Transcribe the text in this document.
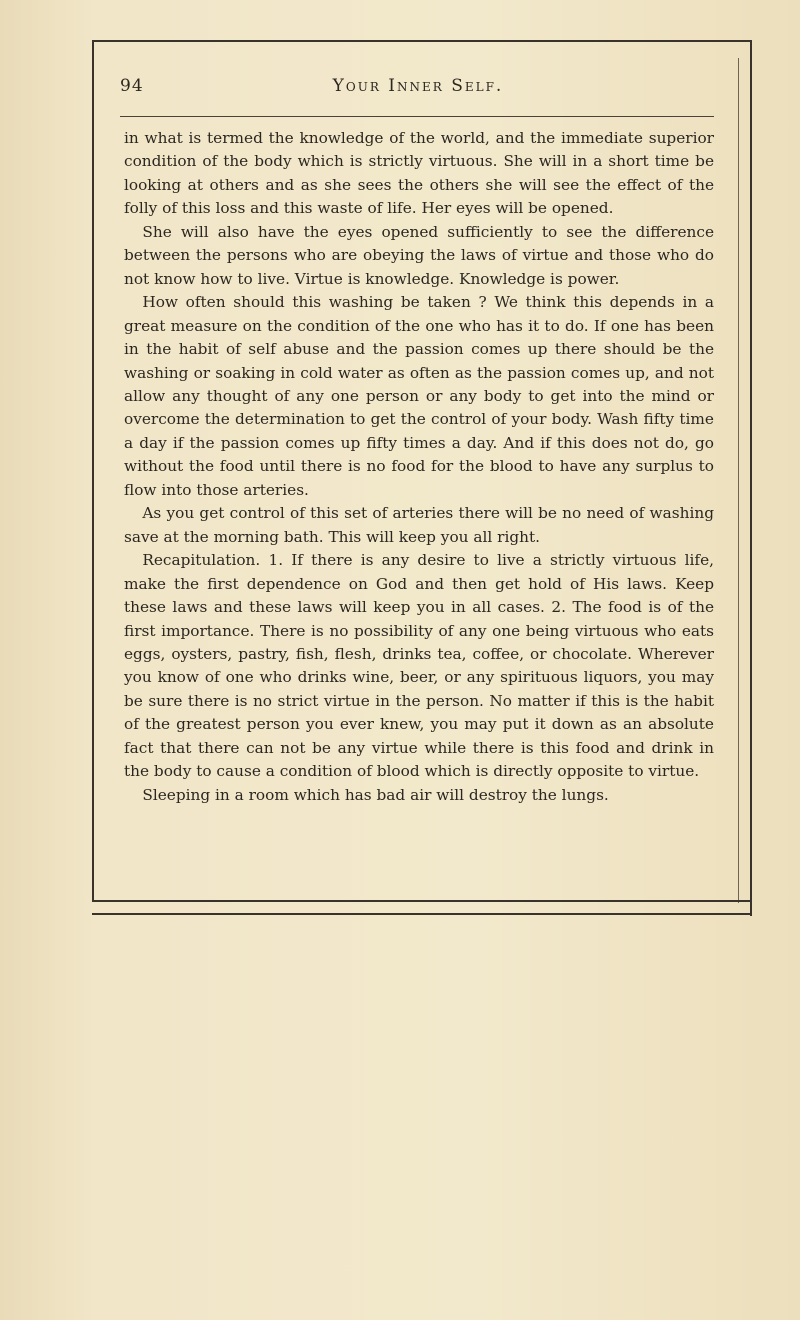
94	Your Inner Self.

in what is termed the knowledge of the world, and the immediate superior condition of the body which is strictly virtuous. She will in a short time be looking at others and as she sees the others she will see the effect of the folly of this loss and this waste of life. Her eyes will be opened.

She will also have the eyes opened sufficiently to see the difference between the persons who are obeying the laws of virtue and those who do not know how to live. Virtue is knowledge. Knowledge is power.

How often should this washing be taken ? We think this depends in a great measure on the condition of the one who has it to do. If one has been in the habit of self abuse and the passion comes up there should be the washing or soaking in cold water as often as the passion comes up, and not allow any thought of any one person or any body to get into the mind or overcome the determination to get the control of your body. Wash fifty time a day if the passion comes up fifty times a day. And if this does not do, go without the food until there is no food for the blood to have any surplus to flow into those arteries.

As you get control of this set of arteries there will be no need of washing save at the morning bath. This will keep you all right.

Recapitulation. 1. If there is any desire to live a strictly virtuous life, make the first dependence on God and then get hold of His laws. Keep these laws and these laws will keep you in all cases. 2. The food is of the first importance. There is no possibility of any one being virtuous who eats eggs, oysters, pastry, fish, flesh, drinks tea, coffee, or chocolate. Wherever you know of one who drinks wine, beer, or any spirituous liquors, you may be sure there is no strict virtue in the person. No matter if this is the habit of the greatest person you ever knew, you may put it down as an absolute fact that there can not be any virtue while there is this food and drink in the body to cause a condition of blood which is directly opposite to virtue.

Sleeping in a room which has bad air will destroy the lungs.
